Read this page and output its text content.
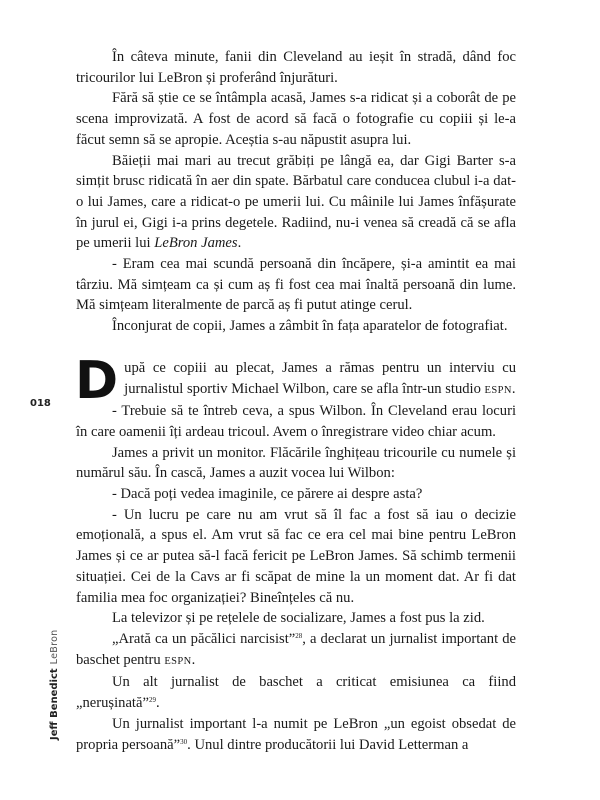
018
Jeff BenedictLeBron

În câteva minute, fanii din Cleveland au ieșit în stradă, dând foc tricourilor lui LeBron și proferând înjurături.

Fără să știe ce se întâmpla acasă, James s-a ridicat și a coborât de pe scena improvizată. A fost de acord să facă o fotografie cu copiii și le-a făcut semn să se apropie. Aceștia s-au năpustit asupra lui.

Băieții mai mari au trecut grăbiți pe lângă ea, dar Gigi Barter s-a simțit brusc ridicată în aer din spate. Bărbatul care conducea clubul i-a dat-o lui James, care a ridicat-o pe umerii lui. Cu mâinile lui James înfășurate în jurul ei, Gigi i-a prins degetele. Radiind, nu-i venea să creadă că se afla pe umerii lui LeBron James.

- Eram cea mai scundă persoană din încăpere, și-a amintit ea mai târziu. Mă simțeam ca și cum aș fi fost cea mai înaltă persoană din lume. Mă simțeam literalmente de parcă aș fi putut atinge cerul.

Înconjurat de copii, James a zâmbit în fața aparatelor de fotografiat.

După ce copiii au plecat, James a rămas pentru un interviu cu jurnalistul sportiv Michael Wilbon, care se afla într-un studio ESPN.

- Trebuie să te întreb ceva, a spus Wilbon. În Cleveland erau locuri în care oamenii îți ardeau tricoul. Avem o înregistrare video chiar acum.

James a privit un monitor. Flăcările înghițeau tricourile cu numele și numărul său. În cască, James a auzit vocea lui Wilbon:

- Dacă poți vedea imaginile, ce părere ai despre asta?

- Un lucru pe care nu am vrut să îl fac a fost să iau o decizie emoțională, a spus el. Am vrut să fac ce era cel mai bine pentru LeBron James și ce ar putea să-l facă fericit pe LeBron James. Să schimb termenii situației. Cei de la Cavs ar fi scăpat de mine la un moment dat. Ar fi dat familia mea foc organizației? Bineînțeles că nu.

La televizor și pe rețelele de socializare, James a fost pus la zid.

„Arată ca un păcălici narcisist”$^{28}$, a declarat un jurnalist important de baschet pentru ESPN.

Un alt jurnalist de baschet a criticat emisiunea ca fiind „nerușinată”$^{29}$.

Un jurnalist important l-a numit pe LeBron „un egoist obsedat de propria persoană”$^{30}$. Unul dintre producătorii lui David Letterman a
